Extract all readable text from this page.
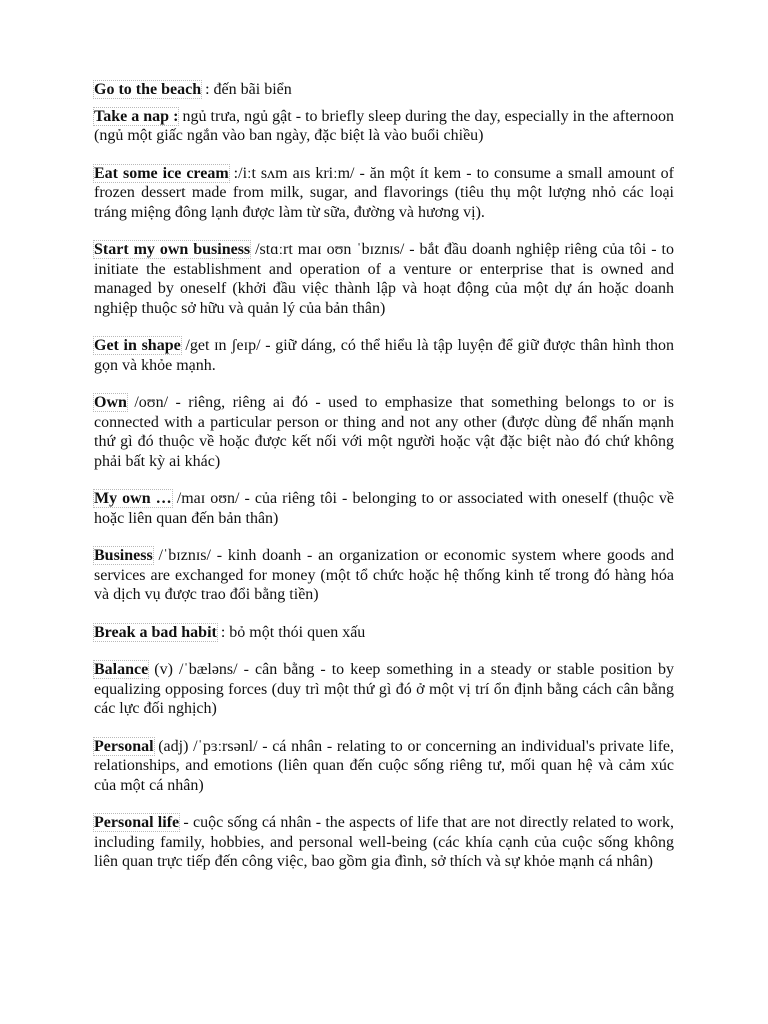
Go to the beach : đến bãi biển

Take a nap : ngủ trưa, ngủ gật - to briefly sleep during the day, especially in the afternoon (ngủ một giấc ngắn vào ban ngày, đặc biệt là vào buổi chiều)

Eat some ice cream :/iːt sʌm aɪs kriːm/ - ăn một ít kem - to consume a small amount of frozen dessert made from milk, sugar, and flavorings (tiêu thụ một lượng nhỏ các loại tráng miệng đông lạnh được làm từ sữa, đường và hương vị).

Start my own business /stɑːrt maɪ oʊn ˈbɪznɪs/ - bắt đầu doanh nghiệp riêng của tôi - to initiate the establishment and operation of a venture or enterprise that is owned and managed by oneself (khởi đầu việc thành lập và hoạt động của một dự án hoặc doanh nghiệp thuộc sở hữu và quản lý của bản thân)

Get in shape /get ɪn ʃeɪp/ - giữ dáng, có thể hiểu là tập luyện để giữ được thân hình thon gọn và khỏe mạnh.

Own /oʊn/ - riêng, riêng ai đó - used to emphasize that something belongs to or is connected with a particular person or thing and not any other (được dùng để nhấn mạnh thứ gì đó thuộc về hoặc được kết nối với một người hoặc vật đặc biệt nào đó chứ không phải bất kỳ ai khác)

My own … /maɪ oʊn/ - của riêng tôi - belonging to or associated with oneself (thuộc về hoặc liên quan đến bản thân)

Business /ˈbɪznɪs/ - kinh doanh - an organization or economic system where goods and services are exchanged for money (một tổ chức hoặc hệ thống kinh tế trong đó hàng hóa và dịch vụ được trao đổi bằng tiền)

Break a bad habit : bỏ một thói quen xấu

Balance (v) /ˈbæləns/ - cân bằng - to keep something in a steady or stable position by equalizing opposing forces (duy trì một thứ gì đó ở một vị trí ổn định bằng cách cân bằng các lực đối nghịch)

Personal (adj) /ˈpɜːrsənl/ - cá nhân - relating to or concerning an individual's private life, relationships, and emotions (liên quan đến cuộc sống riêng tư, mối quan hệ và cảm xúc của một cá nhân)

Personal life - cuộc sống cá nhân - the aspects of life that are not directly related to work, including family, hobbies, and personal well-being (các khía cạnh của cuộc sống không liên quan trực tiếp đến công việc, bao gồm gia đình, sở thích và sự khỏe mạnh cá nhân)
